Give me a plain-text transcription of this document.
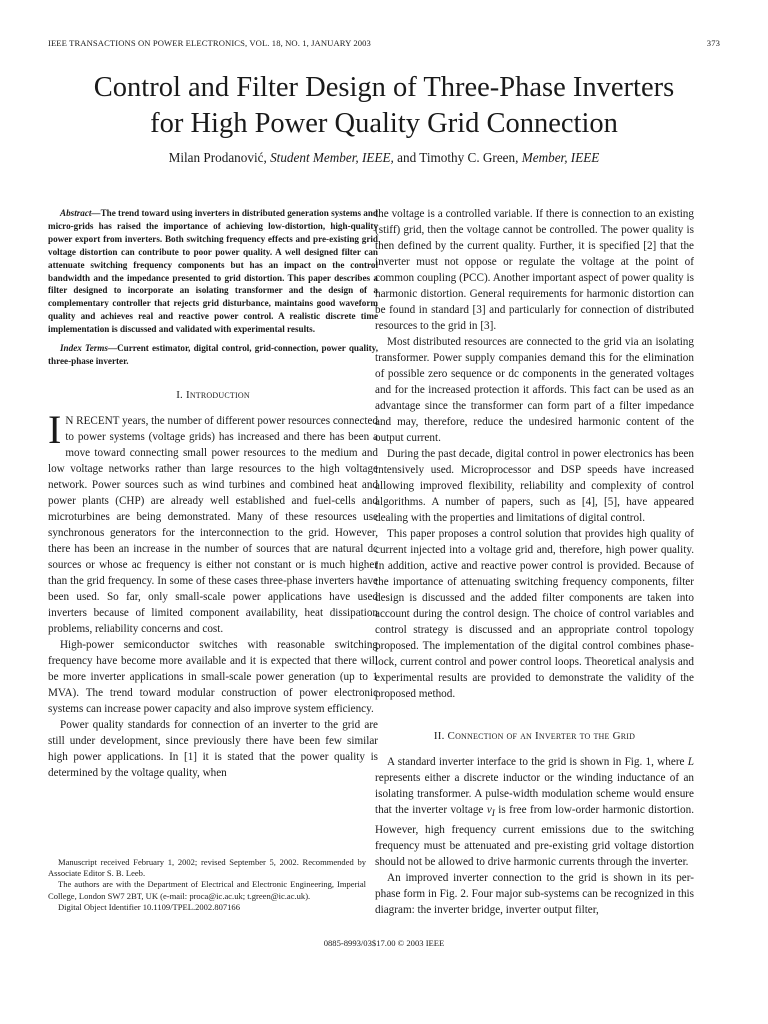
IEEE TRANSACTIONS ON POWER ELECTRONICS, VOL. 18, NO. 1, JANUARY 2003	373
Control and Filter Design of Three-Phase Inverters
for High Power Quality Grid Connection
Milan Prodanović, Student Member, IEEE, and Timothy C. Green, Member, IEEE

Abstract—The trend toward using inverters in distributed generation systems and micro-grids has raised the importance of achieving low-distortion, high-quality power export from inverters. Both switching frequency effects and pre-existing grid voltage distortion can contribute to poor power quality. A well designed filter can attenuate switching frequency components but has an impact on the control bandwidth and the impedance presented to grid distortion. This paper describes a filter designed to incorporate an isolating transformer and the design of a complementary controller that rejects grid disturbance, maintains good waveform quality and achieves real and reactive power control. A realistic discrete time implementation is discussed and validated with experimental results.

Index Terms—Current estimator, digital control, grid-connection, power quality, three-phase inverter.

I. Introduction

I N RECENT years, the number of different power resources connected to power systems (voltage grids) has increased and there has been a move toward connecting small power resources to the medium and low voltage networks rather than large resources to the high voltage network. Power sources such as wind turbines and combined heat and power plants (CHP) are already well established and fuel-cells and microturbines are being demonstrated. Many of these resources use synchronous generators for the interconnection to the grid. However, there has been an increase in the number of sources that are natural dc sources or whose ac frequency is either not constant or is much higher than the grid frequency. In some of these cases three-phase inverters have been used. So far, only small-scale power applications have used inverters because of limited component availability, heat dissipation problems, reliability concerns and cost.

High-power semiconductor switches with reasonable switching frequency have become more available and it is expected that there will be more inverter applications in small-scale power generation (up to 1 MVA). The trend toward modular construction of power electronic systems can increase power capacity and also improve system efficiency.

Power quality standards for connection of an inverter to the grid are still under development, since previously there have been few similar high power applications. In [1] it is stated that the power quality is determined by the voltage quality, when

Manuscript received February 1, 2002; revised September 5, 2002. Recommended by Associate Editor S. B. Leeb.

The authors are with the Department of Electrical and Electronic Engineering, Imperial College, London SW7 2BT, UK (e-mail: proca@ic.ac.uk; t.green@ic.ac.uk).

Digital Object Identifier 10.1109/TPEL.2002.807166

the voltage is a controlled variable. If there is connection to an existing (stiff) grid, then the voltage cannot be controlled. The power quality is then defined by the current quality. Further, it is specified [2] that the inverter must not oppose or regulate the voltage at the point of common coupling (PCC). Another important aspect of power quality is harmonic distortion. General requirements for harmonic distortion can be found in standard [3] and particularly for connection of distributed resources to the grid in [3].

Most distributed resources are connected to the grid via an isolating transformer. Power supply companies demand this for the elimination of possible zero sequence or dc components in the generated voltages and for the increased protection it affords. This fact can be used as an advantage since the transformer can form part of a filter impedance and may, therefore, reduce the undesired harmonic content of the output current.

During the past decade, digital control in power electronics has been intensively used. Microprocessor and DSP speeds have increased allowing improved flexibility, reliability and complexity of control algorithms. A number of papers, such as [4], [5], have appeared dealing with the properties and limitations of digital control.

This paper proposes a control solution that provides high quality of current injected into a voltage grid and, therefore, high power quality. In addition, active and reactive power control is provided. Because of the importance of attenuating switching frequency components, filter design is discussed and the added filter components are taken into account during the control design. The choice of control variables and control strategy is discussed and an appropriate control topology proposed. The implementation of the digital control combines phase-lock, current control and power control loops. Theoretical analysis and experimental results are provided to demonstrate the validity of the proposed method.

II. Connection of an Inverter to the Grid

A standard inverter interface to the grid is shown in Fig. 1, where L represents either a discrete inductor or the winding inductance of an isolating transformer. A pulse-width modulation scheme would ensure that the inverter voltage $v_I$ is free from low-order harmonic distortion. However, high frequency current emissions due to the switching frequency must be attenuated and pre-existing grid voltage distortion should not be allowed to drive harmonic currents through the inverter.

An improved inverter connection to the grid is shown in its per-phase form in Fig. 2. Four major sub-systems can be recognized in this diagram: the inverter bridge, inverter output filter,

0885-8993/03$17.00 © 2003 IEEE
